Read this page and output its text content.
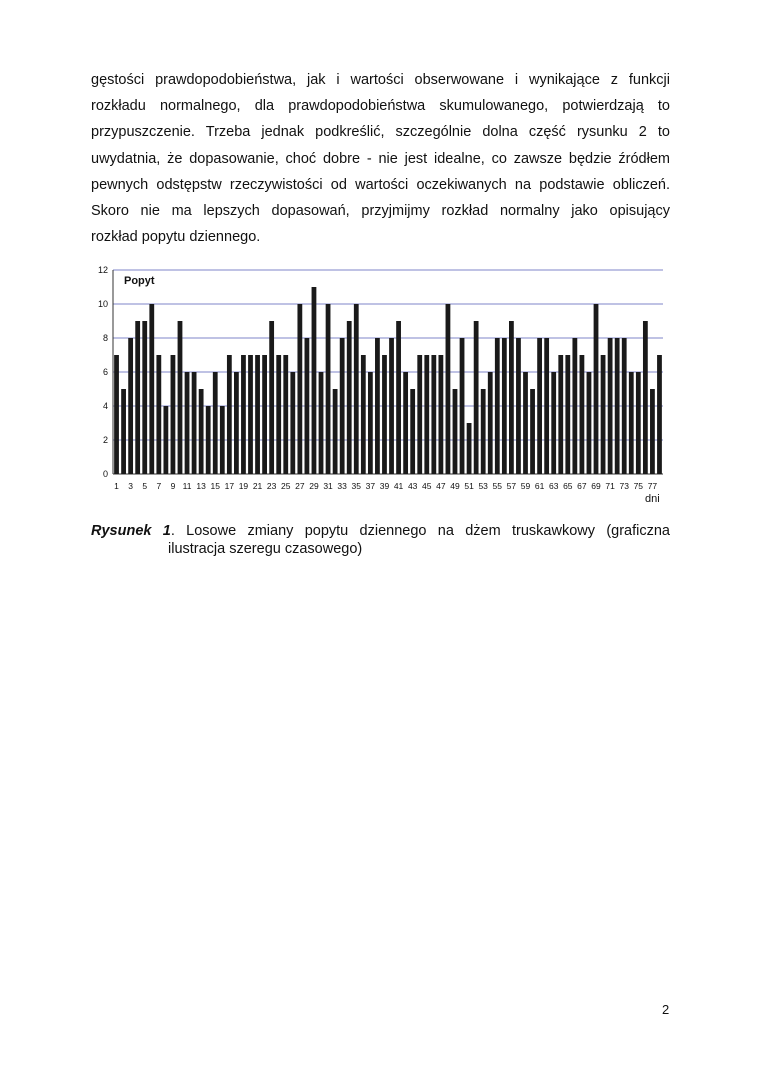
gęstości prawdopodobieństwa, jak i wartości obserwowane i wynikające z funkcji
rozkładu normalnego, dla prawdopodobieństwa skumulowanego, potwierdzają to
przypuszczenie. Trzeba jednak podkreślić, szczególnie dolna część rysunku 2 to
uwydatnia, że dopasowanie, choć dobre - nie jest idealne, co zawsze będzie źródłem
pewnych odstępstw rzeczywistości od wartości oczekiwanych na podstawie obliczeń.
Skoro nie ma lepszych dopasowań, przyjmijmy rozkład normalny jako opisujący
rozkład popytu dziennego.
0
2
4
6
8
10
12
1 3 5 7 9 11 13 15 17 19 21 23 25 27 29 31 33 35 37 39 41 43 45 47 49 51 53 55 57 59 61 63 65 67 69 71 73 75 77
Popyt
dni
Rysunek 1. Losowe zmiany popytu dziennego na dżem truskawkowy (graficzna
ilustracja szeregu czasowego)
2
